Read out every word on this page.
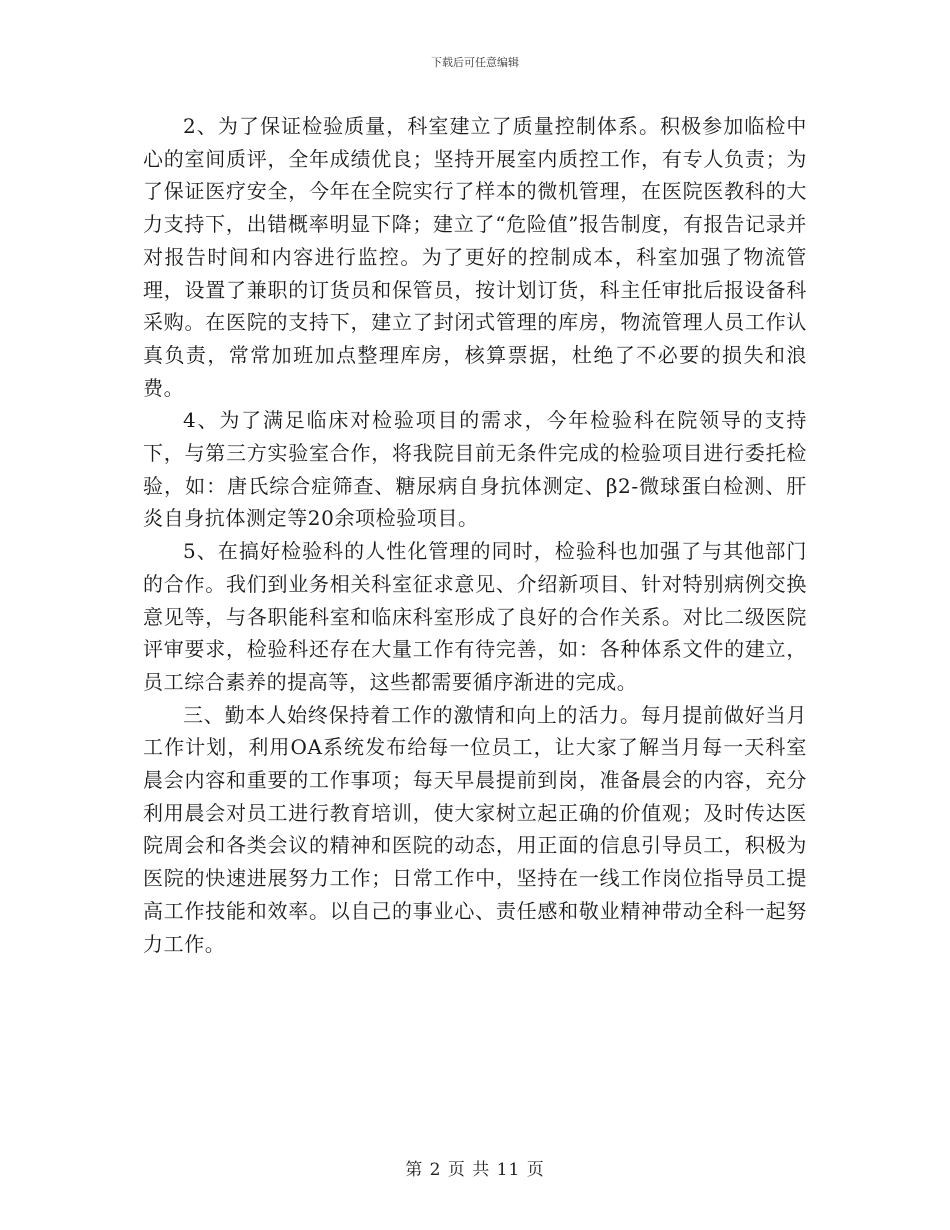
下载后可任意编辑

2、为了保证检验质量，科室建立了质量控制体系。积极参加临检中心的室间质评，全年成绩优良；坚持开展室内质控工作，有专人负责；为了保证医疗安全，今年在全院实行了样本的微机管理，在医院医教科的大力支持下，出错概率明显下降；建立了“危险值”报告制度，有报告记录并对报告时间和内容进行监控。为了更好的控制成本，科室加强了物流管理，设置了兼职的订货员和保管员，按计划订货，科主任审批后报设备科采购。在医院的支持下，建立了封闭式管理的库房，物流管理人员工作认真负责，常常加班加点整理库房，核算票据，杜绝了不必要的损失和浪费。

4、为了满足临床对检验项目的需求，今年检验科在院领导的支持下，与第三方实验室合作，将我院目前无条件完成的检验项目进行委托检验，如：唐氏综合症筛查、糖尿病自身抗体测定、β2-微球蛋白检测、肝炎自身抗体测定等20余项检验项目。

5、在搞好检验科的人性化管理的同时，检验科也加强了与其他部门的合作。我们到业务相关科室征求意见、介绍新项目、针对特别病例交换意见等，与各职能科室和临床科室形成了良好的合作关系。对比二级医院评审要求，检验科还存在大量工作有待完善，如：各种体系文件的建立，员工综合素养的提高等，这些都需要循序渐进的完成。

三、勤本人始终保持着工作的激情和向上的活力。每月提前做好当月工作计划，利用OA系统发布给每一位员工，让大家了解当月每一天科室晨会内容和重要的工作事项；每天早晨提前到岗，准备晨会的内容，充分利用晨会对员工进行教育培训，使大家树立起正确的价值观；及时传达医院周会和各类会议的精神和医院的动态，用正面的信息引导员工，积极为医院的快速进展努力工作；日常工作中，坚持在一线工作岗位指导员工提高工作技能和效率。以自己的事业心、责任感和敬业精神带动全科一起努力工作。

第 2 页 共 11 页
